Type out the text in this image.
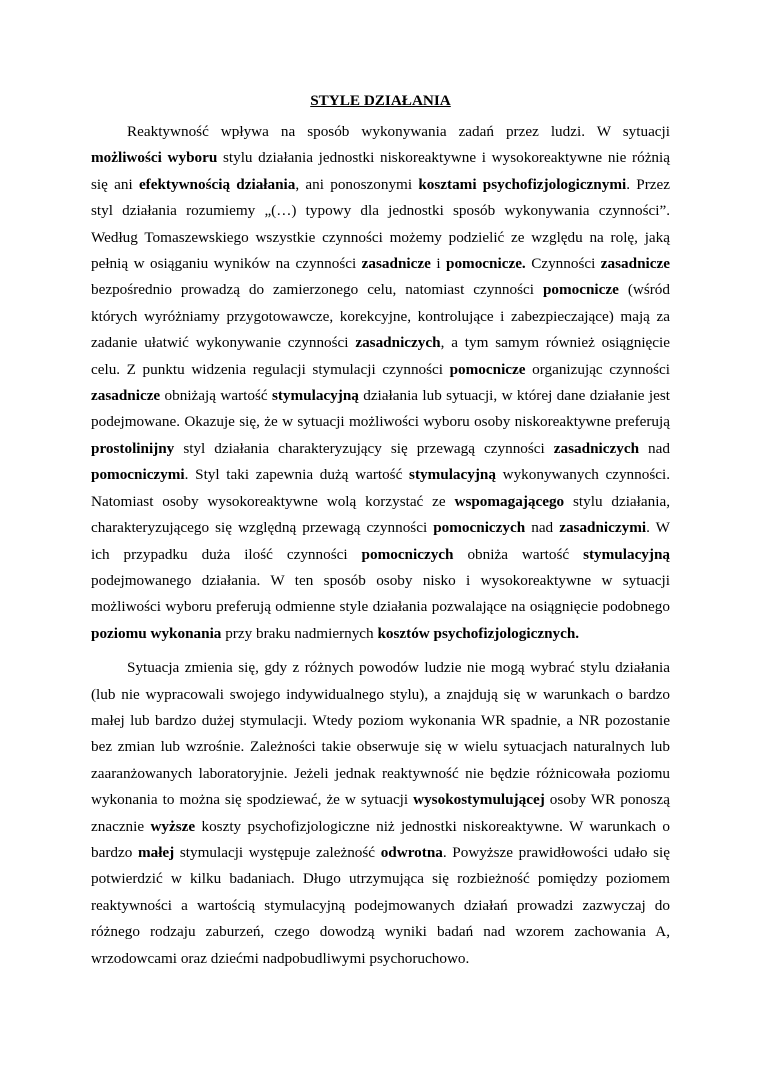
STYLE DZIAŁANIA

Reaktywność wpływa na sposób wykonywania zadań przez ludzi. W sytuacji możliwości wyboru stylu działania jednostki niskoreaktywne i wysokoreaktywne nie różnią się ani efektywnością działania, ani ponoszonymi kosztami psychofizjologicznymi. Przez styl działania rozumiemy „(…) typowy dla jednostki sposób wykonywania czynności”. Według Tomaszewskiego wszystkie czynności możemy podzielić ze względu na rolę, jaką pełnią w osiąganiu wyników na czynności zasadnicze i pomocnicze. Czynności zasadnicze bezpośrednio prowadzą do zamierzonego celu, natomiast czynności pomocnicze (wśród których wyróżniamy przygotowawcze, korekcyjne, kontrolujące i zabezpieczające) mają za zadanie ułatwić wykonywanie czynności zasadniczych, a tym samym również osiągnięcie celu. Z punktu widzenia regulacji stymulacji czynności pomocnicze organizując czynności zasadnicze obniżają wartość stymulacyjną działania lub sytuacji, w której dane działanie jest podejmowane. Okazuje się, że w sytuacji możliwości wyboru osoby niskoreaktywne preferują prostolinijny styl działania charakteryzujący się przewagą czynności zasadniczych nad pomocniczymi. Styl taki zapewnia dużą wartość stymulacyjną wykonywanych czynności. Natomiast osoby wysokoreaktywne wolą korzystać ze wspomagającego stylu działania, charakteryzującego się względną przewagą czynności pomocniczych nad zasadniczymi. W ich przypadku duża ilość czynności pomocniczych obniża wartość stymulacyjną podejmowanego działania. W ten sposób osoby nisko i wysokoreaktywne w sytuacji możliwości wyboru preferują odmienne style działania pozwalające na osiągnięcie podobnego poziomu wykonania przy braku nadmiernych kosztów psychofizjologicznych.

Sytuacja zmienia się, gdy z różnych powodów ludzie nie mogą wybrać stylu działania (lub nie wypracowali swojego indywidualnego stylu), a znajdują się w warunkach o bardzo małej lub bardzo dużej stymulacji. Wtedy poziom wykonania WR spadnie, a NR pozostanie bez zmian lub wzrośnie. Zależności takie obserwuje się w wielu sytuacjach naturalnych lub zaaranżowanych laboratoryjnie. Jeżeli jednak reaktywność nie będzie różnicowała poziomu wykonania to można się spodziewać, że w sytuacji wysokostymulującej osoby WR ponoszą znacznie wyższe koszty psychofizjologiczne niż jednostki niskoreaktywne. W warunkach o bardzo małej stymulacji występuje zależność odwrotna. Powyższe prawidłowości udało się potwierdzić w kilku badaniach. Długo utrzymująca się rozbieżność pomiędzy poziomem reaktywności a wartością stymulacyjną podejmowanych działań prowadzi zazwyczaj do różnego rodzaju zaburzeń, czego dowodzą wyniki badań nad wzorem zachowania A, wrzodowcami oraz dziećmi nadpobudliwymi psychoruchowo.
